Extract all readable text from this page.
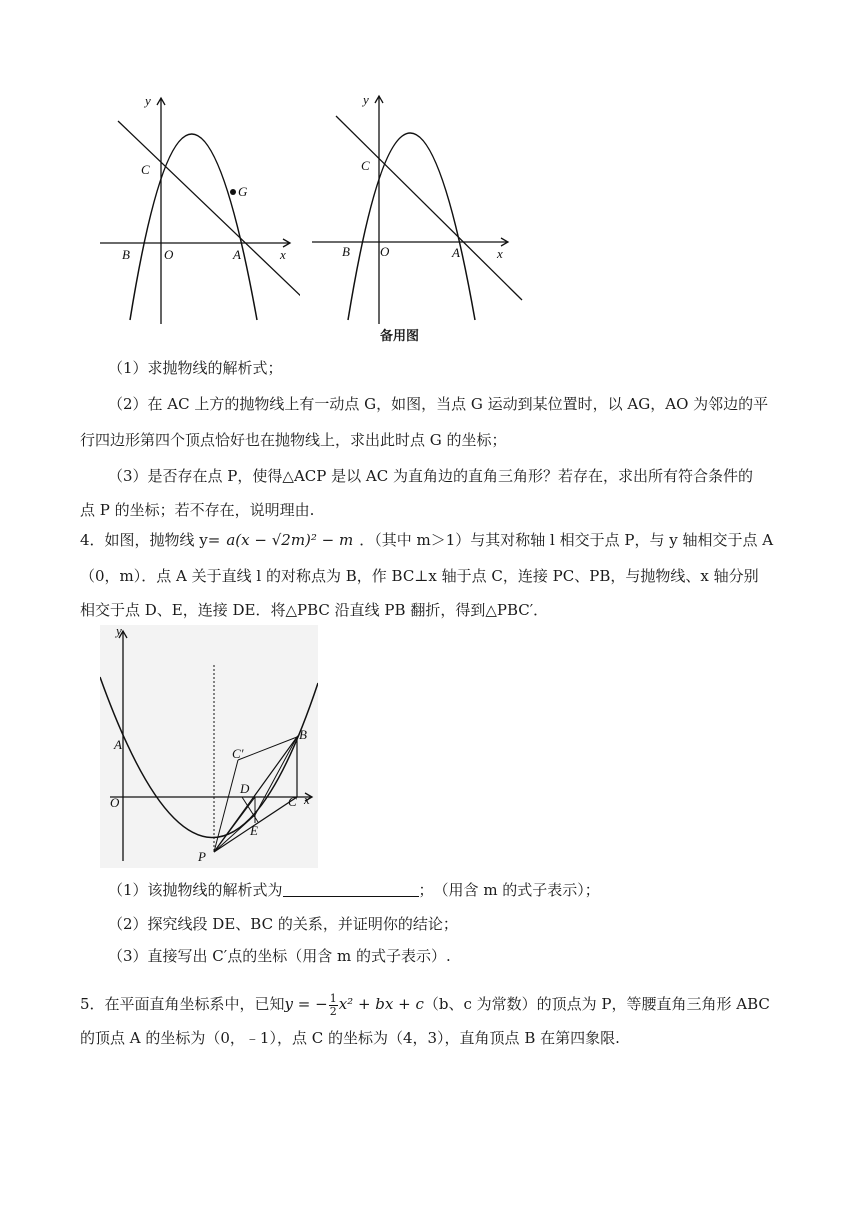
y
x
C
G
B	O	A
y
x
C
B O	A
备用图
（1）求抛物线的解析式；
（2）在 AC 上方的抛物线上有一动点 G，如图，当点 G 运动到某位置时，以 AG，AO 为邻边的平
行四边形第四个顶点恰好也在抛物线上，求出此时点 G 的坐标；
（3）是否存在点 P，使得△ACP 是以 AC 为直角边的直角三角形？若存在，求出所有符合条件的
点 P 的坐标；若不存在，说明理由.
4．如图，抛物线 y= a(x − √2m)² − m ．（其中 m＞1）与其对称轴 l 相交于点 P，与 y 轴相交于点 A
（0，m）．点 A 关于直线 l 的对称点为 B，作 BC⊥x 轴于点 C，连接 PC、PB，与抛物线、x 轴分别
相交于点 D、E，连接 DE．将△PBC 沿直线 PB 翻折，得到△PBC′．
y
x
A
O
B
C′
C
D
E
P
（1）该抛物线的解析式为	；　（用含 m 的式子表示）；
（2）探究线段 DE、BC 的关系，并证明你的结论；
（3）直接写出 C′点的坐标（用含 m 的式子表示）.
5．在平面直角坐标系中，已知y = − $\frac{1}{2} x^2$ + bx + c（b、c 为常数）的顶点为 P，等腰直角三角形 ABC
的顶点 A 的坐标为（0，﹣1），点 C 的坐标为（4，3），直角顶点 B 在第四象限.
